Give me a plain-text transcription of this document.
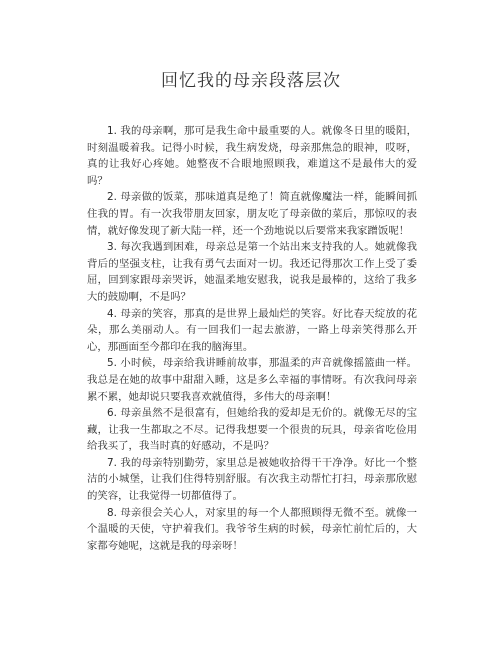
回忆我的母亲段落层次

1. 我的母亲啊，那可是我生命中最重要的人。就像冬日里的暖阳，时刻温暖着我。记得小时候，我生病发烧，母亲那焦急的眼神，哎呀，真的让我好心疼她。她整夜不合眼地照顾我，难道这不是最伟大的爱吗？

2. 母亲做的饭菜，那味道真是绝了！简直就像魔法一样，能瞬间抓住我的胃。有一次我带朋友回家，朋友吃了母亲做的菜后，那惊叹的表情，就好像发现了新大陆一样，还一个劲地说以后要常来我家蹭饭呢！

3. 每次我遇到困难，母亲总是第一个站出来支持我的人。她就像我背后的坚强支柱，让我有勇气去面对一切。我还记得那次工作上受了委屈，回到家跟母亲哭诉，她温柔地安慰我，说我是最棒的，这给了我多大的鼓励啊，不是吗？

4. 母亲的笑容，那真的是世界上最灿烂的笑容。好比春天绽放的花朵，那么美丽动人。有一回我们一起去旅游，一路上母亲笑得那么开心，那画面至今都印在我的脑海里。

5. 小时候，母亲给我讲睡前故事，那温柔的声音就像摇篮曲一样。我总是在她的故事中甜甜入睡，这是多么幸福的事情呀。有次我问母亲累不累，她却说只要我喜欢就值得，多伟大的母亲啊！

6. 母亲虽然不是很富有，但她给我的爱却是无价的。就像无尽的宝藏，让我一生都取之不尽。记得我想要一个很贵的玩具，母亲省吃俭用给我买了，我当时真的好感动，不是吗？

7. 我的母亲特别勤劳，家里总是被她收拾得干干净净。好比一个整洁的小城堡，让我们住得特别舒服。有次我主动帮忙打扫，母亲那欣慰的笑容，让我觉得一切都值得了。

8. 母亲很会关心人，对家里的每一个人都照顾得无微不至。就像一个温暖的天使，守护着我们。我爷爷生病的时候，母亲忙前忙后的，大家都夸她呢，这就是我的母亲呀！
